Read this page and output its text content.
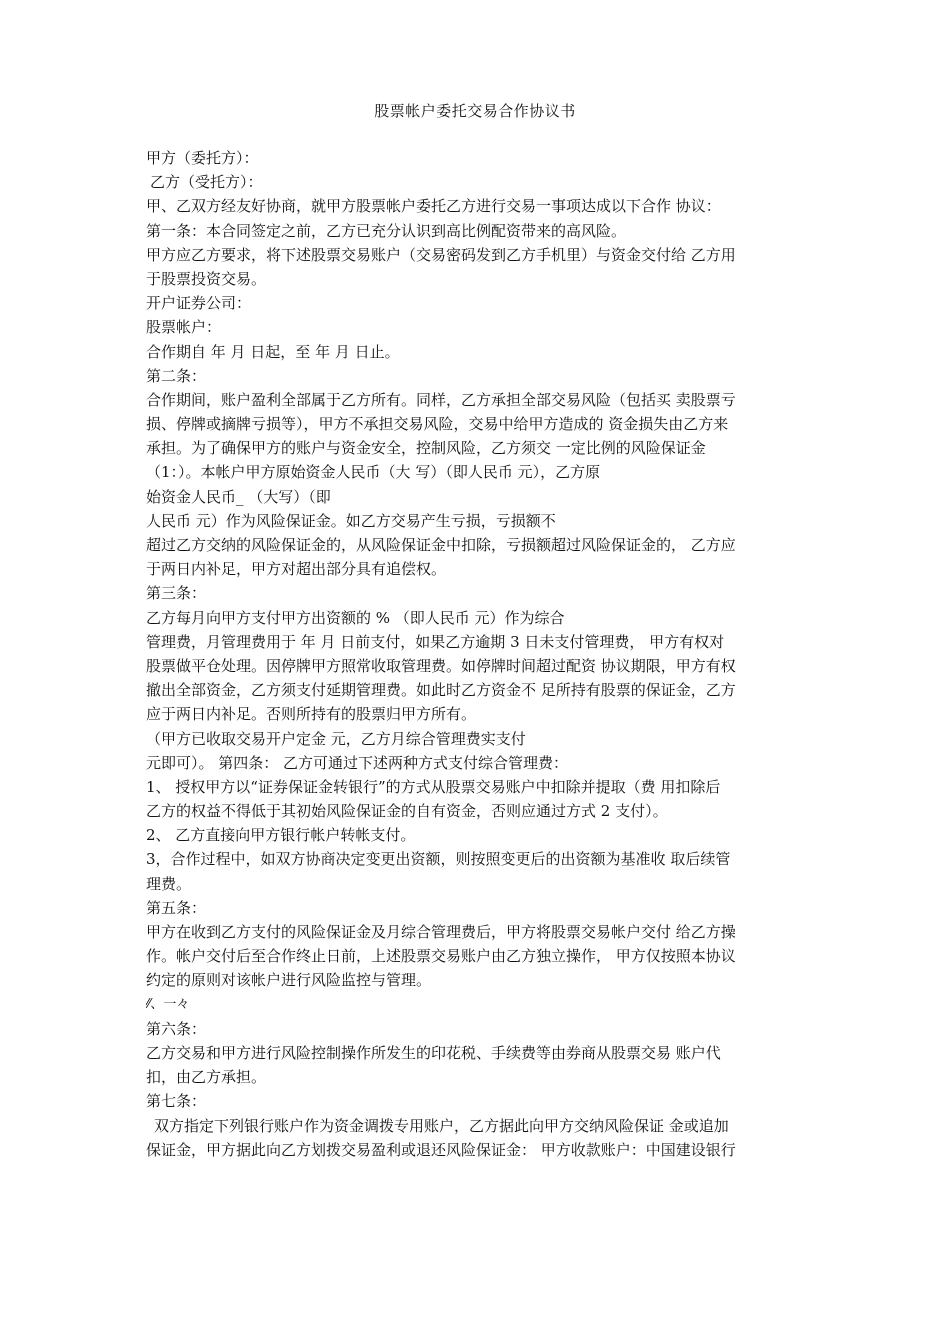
股票帐户委托交易合作协议书
甲方（委托方）：
乙方（受托方）：
甲、乙双方经友好协商，就甲方股票帐户委托乙方进行交易一事项达成以下合作 协议：
第一条：本合同签定之前，乙方已充分认识到高比例配资带来的高风险。
甲方应乙方要求，将下述股票交易账户（交易密码发到乙方手机里）与资金交付给 乙方用
于股票投资交易。
开户证券公司：
股票帐户：
合作期自 年 月 日起，至 年 月 日止。
第二条：
合作期间，账户盈利全部属于乙方所有。同样，乙方承担全部交易风险（包括买 卖股票亏
损、停牌或摘牌亏损等），甲方不承担交易风险，交易中给甲方造成的 资金损失由乙方来
承担。为了确保甲方的账户与资金安全，控制风险，乙方须交 一定比例的风险保证金
（1：）。本帐户甲方原始资金人民币（大 写）（即人民币 元），乙方原
始资金人民币_ （大写）（即
人民币 元）作为风险保证金。如乙方交易产生亏损，亏损额不
超过乙方交纳的风险保证金的，从风险保证金中扣除，亏损额超过风险保证金的， 乙方应
于两日内补足，甲方对超出部分具有追偿权。
第三条：
乙方每月向甲方支付甲方出资额的 % （即人民币 元）作为综合
管理费，月管理费用于 年 月 日前支付，如果乙方逾期 3 日未支付管理费， 甲方有权对
股票做平仓处理。因停牌甲方照常收取管理费。如停牌时间超过配资 协议期限，甲方有权
撤出全部资金，乙方须支付延期管理费。如此时乙方资金不 足所持有股票的保证金，乙方
应于两日内补足。否则所持有的股票归甲方所有。
（甲方已收取交易开户定金 元，乙方月综合管理费实支付
元即可）。 第四条： 乙方可通过下述两种方式支付综合管理费：
1、 授权甲方以“证券保证金转银行”的方式从股票交易账户中扣除并提取（费 用扣除后
乙方的权益不得低于其初始风险保证金的自有资金，否则应通过方式 2 支付）。
2、 乙方直接向甲方银行帐户转帐支付。
3，合作过程中，如双方协商决定变更出资额，则按照变更后的出资额为基准收 取后续管
理费。
第五条：
甲方在收到乙方支付的风险保证金及月综合管理费后，甲方将股票交易帐户交付 给乙方操
作。帐户交付后至合作终止日前，上述股票交易账户由乙方独立操作， 甲方仅按照本协议
约定的原则对该帐户进行风险监控与管理。
⁄⁄、一々
第六条：
乙方交易和甲方进行风险控制操作所发生的印花税、手续费等由券商从股票交易 账户代
扣，由乙方承担。
第七条：
双方指定下列银行账户作为资金调拨专用账户，乙方据此向甲方交纳风险保证 金或追加
保证金，甲方据此向乙方划拨交易盈利或退还风险保证金： 甲方收款账户：中国建设银行
